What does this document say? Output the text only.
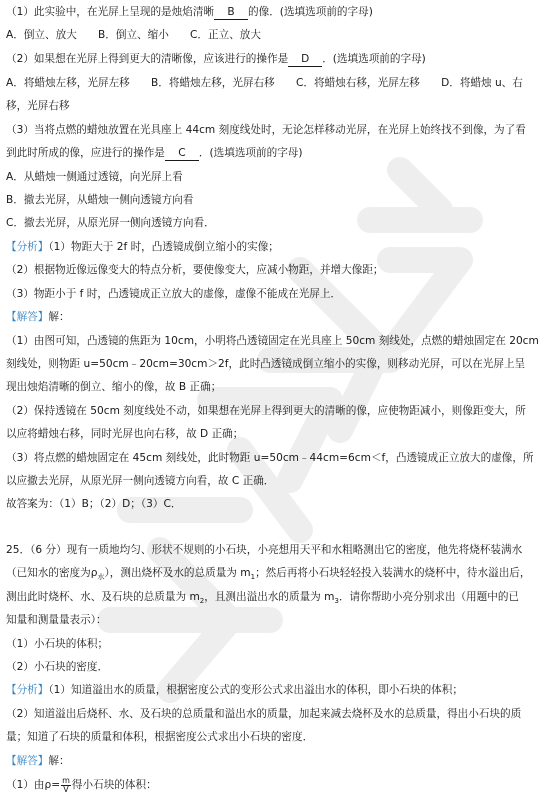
（1）此实验中，在光屏上呈现的是烛焰清晰 B 的像．(选填选项前的字母)
A．倒立、放大　　B．倒立、缩小　　C．正立、放大
（2）如果想在光屏上得到更大的清晰像，应该进行的操作是 D ．(选填选项前的字母)
A．将蜡烛左移，光屏左移　　B．将蜡烛左移，光屏右移　　C．将蜡烛右移，光屏左移　　D．将蜡烛 u、右
移，光屏右移
（3）当将点燃的蜡烛放置在光具座上 44cm 刻度线处时，无论怎样移动光屏，在光屏上始终找不到像，为了看
到此时所成的像，应进行的操作是 C ．(选填选项前的字母)
A．从蜡烛一侧通过透镜，向光屏上看
B．撤去光屏，从蜡烛一侧向透镜方向看
C．撤去光屏，从原光屏一侧向透镜方向看．
【分析】（1）物距大于 2f 时，凸透镜成倒立缩小的实像；
（2）根据物近像远像变大的特点分析，要使像变大，应减小物距，并增大像距；
（3）物距小于 f 时，凸透镜成正立放大的虚像，虚像不能成在光屏上．
【解答】解：
（1）由图可知，凸透镜的焦距为 10cm，小明将凸透镜固定在光具座上 50cm 刻线处，点燃的蜡烛固定在 20cm
刻线处，则物距 u=50cm﹣20cm=30cm＞2f，此时凸透镜成倒立缩小的实像，则移动光屏，可以在光屏上呈
现出烛焰清晰的倒立、缩小的像，故 B 正确；
（2）保持透镜在 50cm 刻度线处不动，如果想在光屏上得到更大的清晰的像，应使物距减小，则像距变大，所
以应将蜡烛右移，同时光屏也向右移，故 D 正确；
（3）将点燃的蜡烛固定在 45cm 刻线处，此时物距 u=50cm﹣44cm=6cm＜f，凸透镜成正立放大的虚像，所
以应撤去光屏，从原光屏一侧向透镜方向看，故 C 正确．
故答案为：（1）B；（2）D；（3）C．
25．（6 分）现有一质地均匀、形状不规则的小石块，小亮想用天平和水粗略测出它的密度，他先将烧杯装满水
（已知水的密度为$\rho_水$），测出烧杯及水的总质量为 $m_1$；然后再将小石块轻轻投入装满水的烧杯中，待水溢出后，
测出此时烧杯、水、及石块的总质量为 $m_2$，且测出溢出水的质量为 $m_3$．请你帮助小亮分别求出（用题中的已
知量和测量量表示）：
（1）小石块的体积；
（2）小石块的密度．
【分析】（1）知道溢出水的质量，根据密度公式的变形公式求出溢出水的体积，即小石块的体积；
（2）知道溢出后烧杯、水、及石块的总质量和溢出水的质量，加起来减去烧杯及水的总质量，得出小石块的质
量；知道了石块的质量和体积，根据密度公式求出小石块的密度．
【解答】解：
（1）由$\rho= \frac{m}{V}$ 得小石块的体积：
